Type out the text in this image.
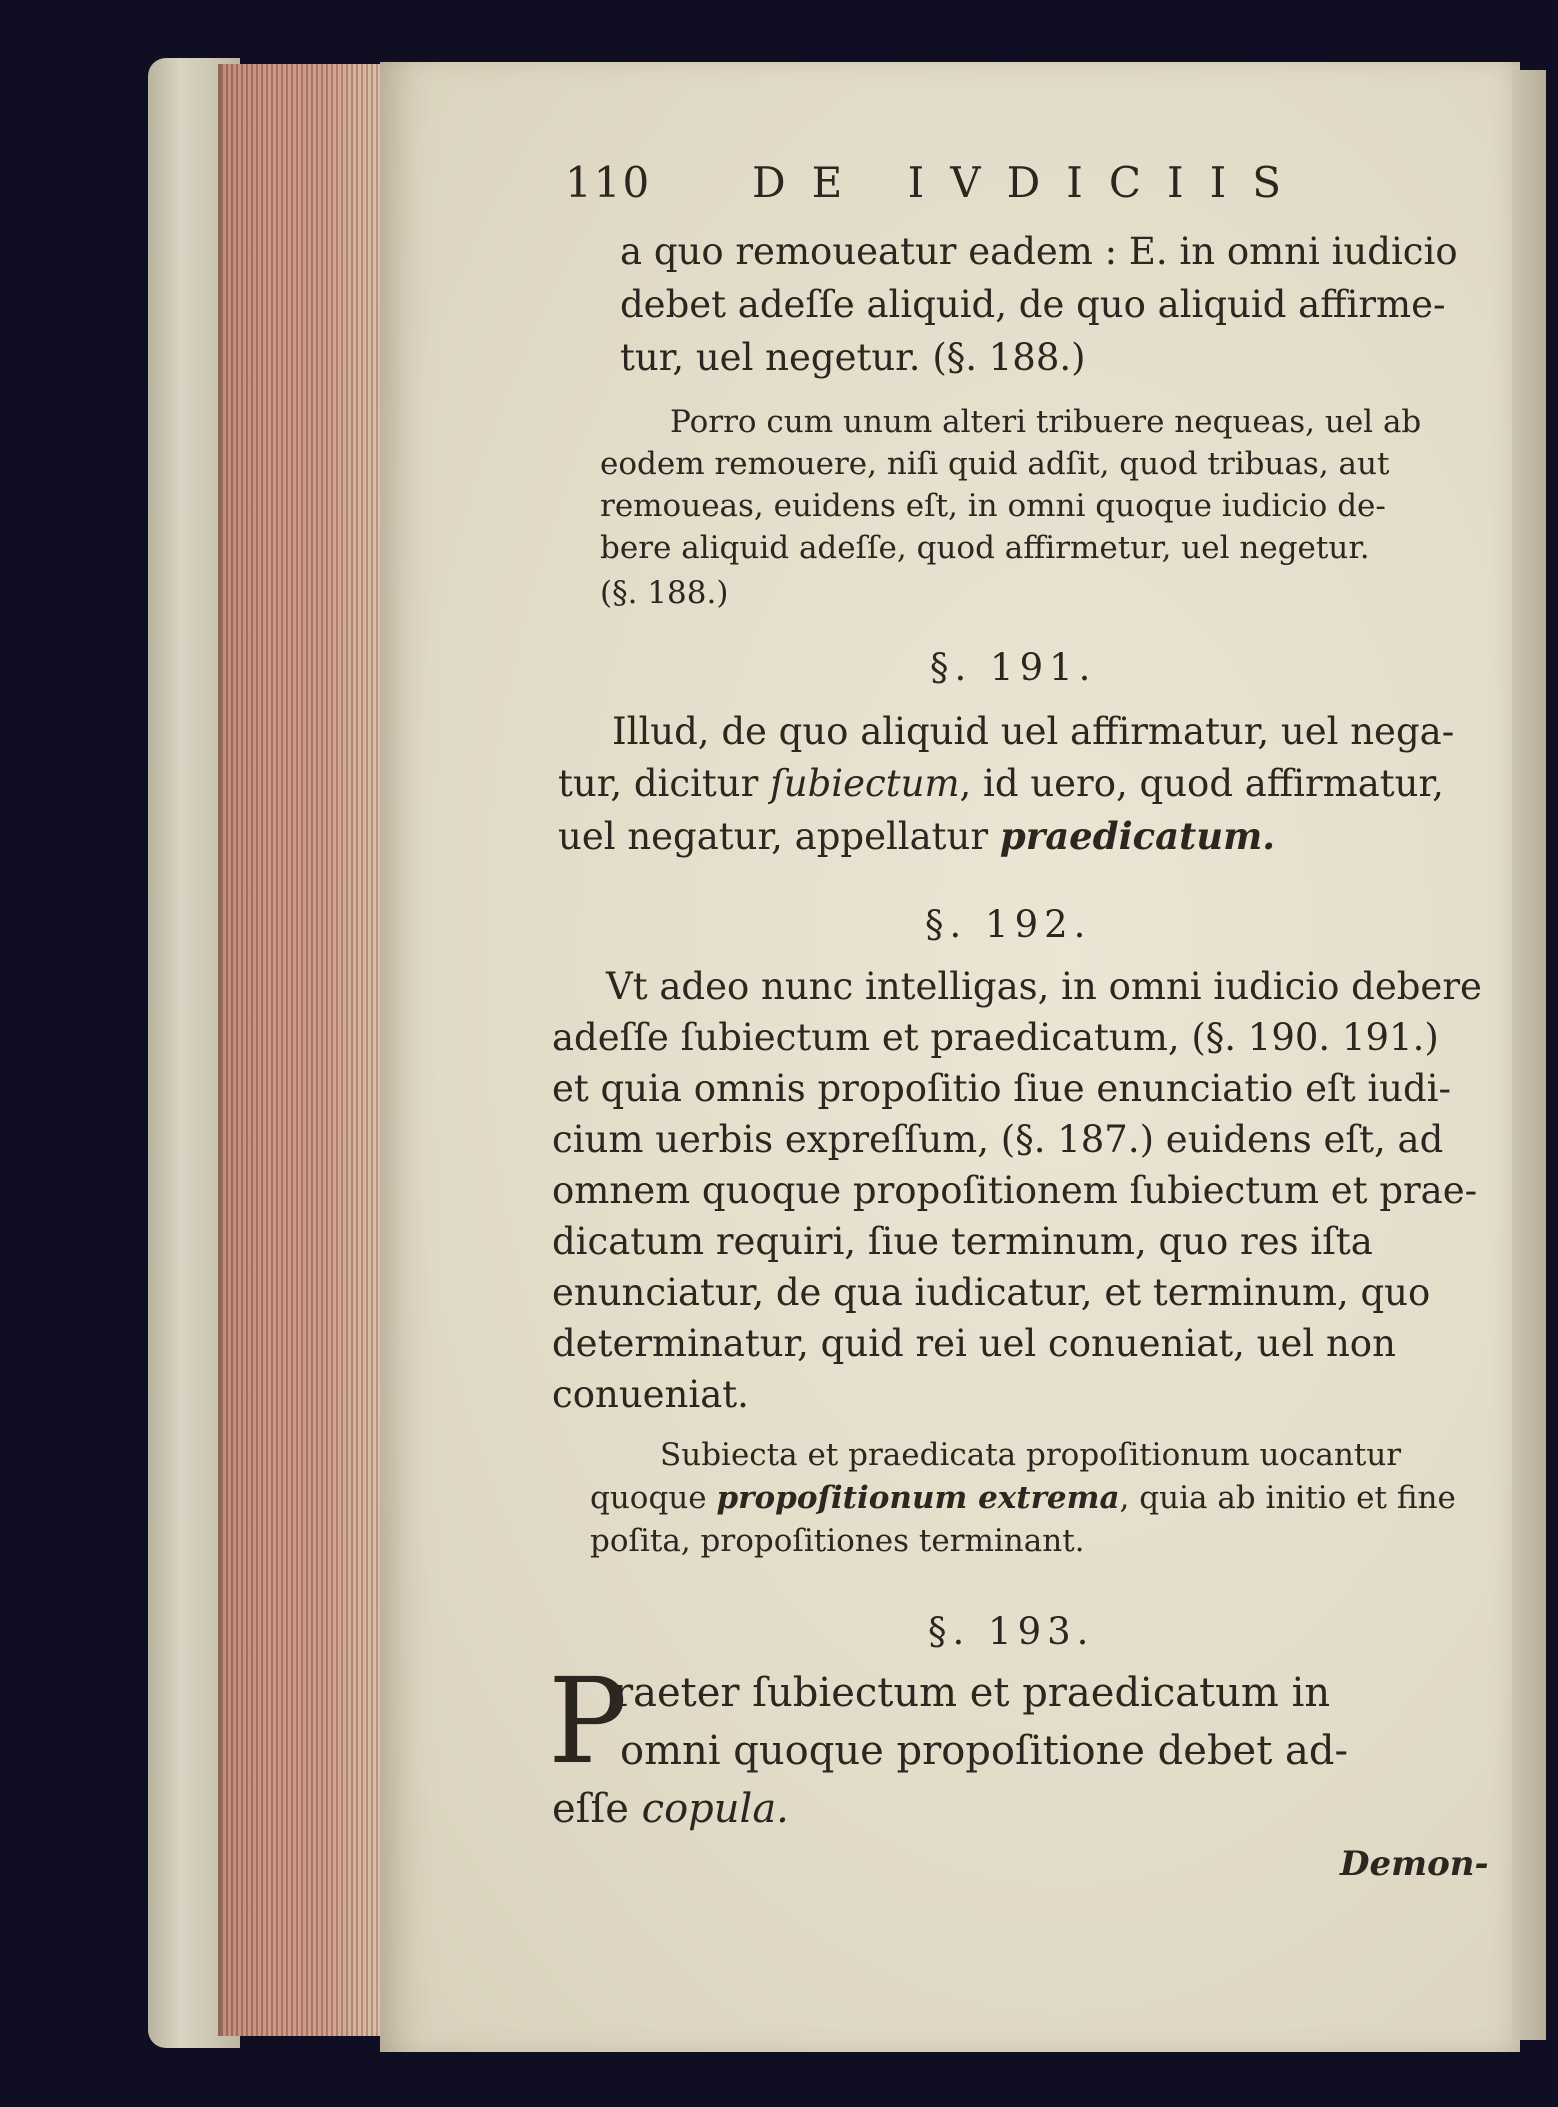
110 DE IVDICIIS
a quo remoueatur eadem : E. in omni iudicio
debet adeſſe aliquid, de quo aliquid affirme-
tur, uel negetur. (§. 188.)
Porro cum unum alteri tribuere nequeas, uel ab
eodem remouere, niſi quid adſit, quod tribuas, aut
remoueas, euidens eſt, in omni quoque iudicio de-
bere aliquid adeſſe, quod affirmetur, uel negetur.
(§. 188.)
§. 191.
Illud, de quo aliquid uel affirmatur, uel nega-
tur, dicitur ſubiectum, id uero, quod affirmatur,
uel negatur, appellatur praedicatum.
§. 192.
Vt adeo nunc intelligas, in omni iudicio debere
adeſſe ſubiectum et praedicatum, (§. 190. 191.)
et quia omnis propoſitio ſiue enunciatio eſt iudi-
cium uerbis expreſſum, (§. 187.) euidens eſt, ad
omnem quoque propoſitionem ſubiectum et prae-
dicatum requiri, ſiue terminum, quo res iſta
enunciatur, de qua iudicatur, et terminum, quo
determinatur, quid rei uel conueniat, uel non
conueniat.
Subiecta et praedicata propoſitionum uocantur
quoque propoſitionum extrema, quia ab initio et fine
poſita, propoſitiones terminant.
§. 193.
P
raeter ſubiectum et praedicatum in
omni quoque propoſitione debet ad-
eſſe copula.
Demon-
